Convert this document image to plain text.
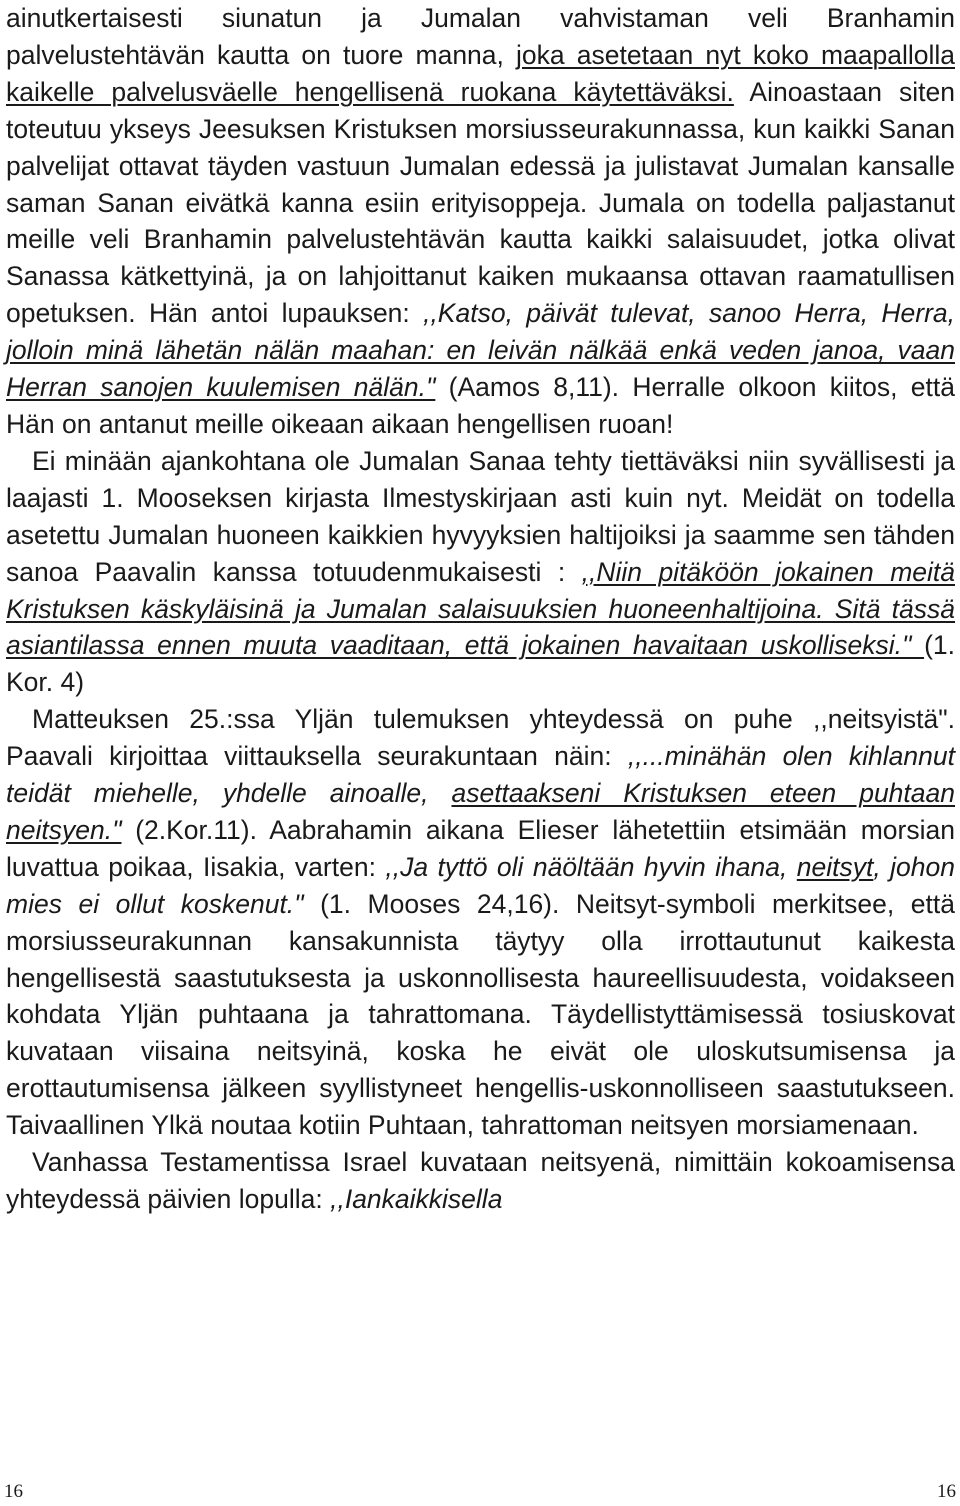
ainutkertaisesti siunatun ja Jumalan vahvistaman veli Branhamin palvelustehtävän kautta on tuore manna, joka asetetaan nyt koko maapallolla kaikelle palvelusväelle hengellisenä ruokana käytettäväksi. Ainoastaan siten toteutuu ykseys Jeesuksen Kristuksen morsiusseurakunnassa, kun kaikki Sanan palvelijat ottavat täyden vastuun Jumalan edessä ja julistavat Jumalan kansalle saman Sanan eivätkä kanna esiin erityisoppeja. Jumala on todella paljastanut meille veli Branhamin palvelustehtävän kautta kaikki salaisuudet, jotka olivat Sanassa kätkettyinä, ja on lahjoittanut kaiken mukaansa ottavan raamatullisen opetuksen. Hän antoi lupauksen: ,,Katso, päivät tulevat, sanoo Herra, Herra, jolloin minä lähetän nälän maahan: en leivän nälkää enkä veden janoa, vaan Herran sanojen kuulemisen nälän." (Aamos 8,11). Herralle olkoon kiitos, että Hän on antanut meille oikeaan aikaan hengellisen ruoan!

Ei minään ajankohtana ole Jumalan Sanaa tehty tiettäväksi niin syvällisesti ja laajasti 1. Mooseksen kirjasta Ilmestyskirjaan asti kuin nyt. Meidät on todella asetettu Jumalan huoneen kaikkien hyvyyksien haltijoiksi ja saamme sen tähden sanoa Paavalin kanssa totuudenmukaisesti : ,,Niin pitäköön jokainen meitä Kristuksen käskyläisinä ja Jumalan salaisuuksien huoneenhaltijoina. Sitä tässä asiantilassa ennen muuta vaaditaan, että jokainen havaitaan uskolliseksi." (1. Kor. 4)

Matteuksen 25.:ssa Yljän tulemuksen yhteydessä on puhe ,,neitsyistä". Paavali kirjoittaa viittauksella seurakuntaan näin: ,,...minähän olen kihlannut teidät miehelle, yhdelle ainoalle, asettaakseni Kristuksen eteen puhtaan neitsyen." (2.Kor.11). Aabrahamin aikana Elieser lähetettiin etsimään morsian luvattua poikaa, Iisakia, varten: ,,Ja tyttö oli näöltään hyvin ihana, neitsyt, johon mies ei ollut koskenut." (1. Mooses 24,16). Neitsyt-symboli merkitsee, että morsiusseurakunnan kansakunnista täytyy olla irrottautunut kaikesta hengellisestä saastutuksesta ja uskonnollisesta haureellisuudesta, voidakseen kohdata Yljän puhtaana ja tahrattomana. Täydellistyttämisessä tosiuskovat kuvataan viisaina neitsyinä, koska he eivät ole uloskutsumisensa ja erottautumisensa jälkeen syyllistyneet hengellis-uskonnolliseen saastutukseen. Taivaallinen Ylkä noutaa kotiin Puhtaan, tahrattoman neitsyen morsiamenaan.

Vanhassa Testamentissa Israel kuvataan neitsyenä, nimittäin kokoamisensa yhteydessä päivien lopulla: ,,Iankaikkisella

16	16
